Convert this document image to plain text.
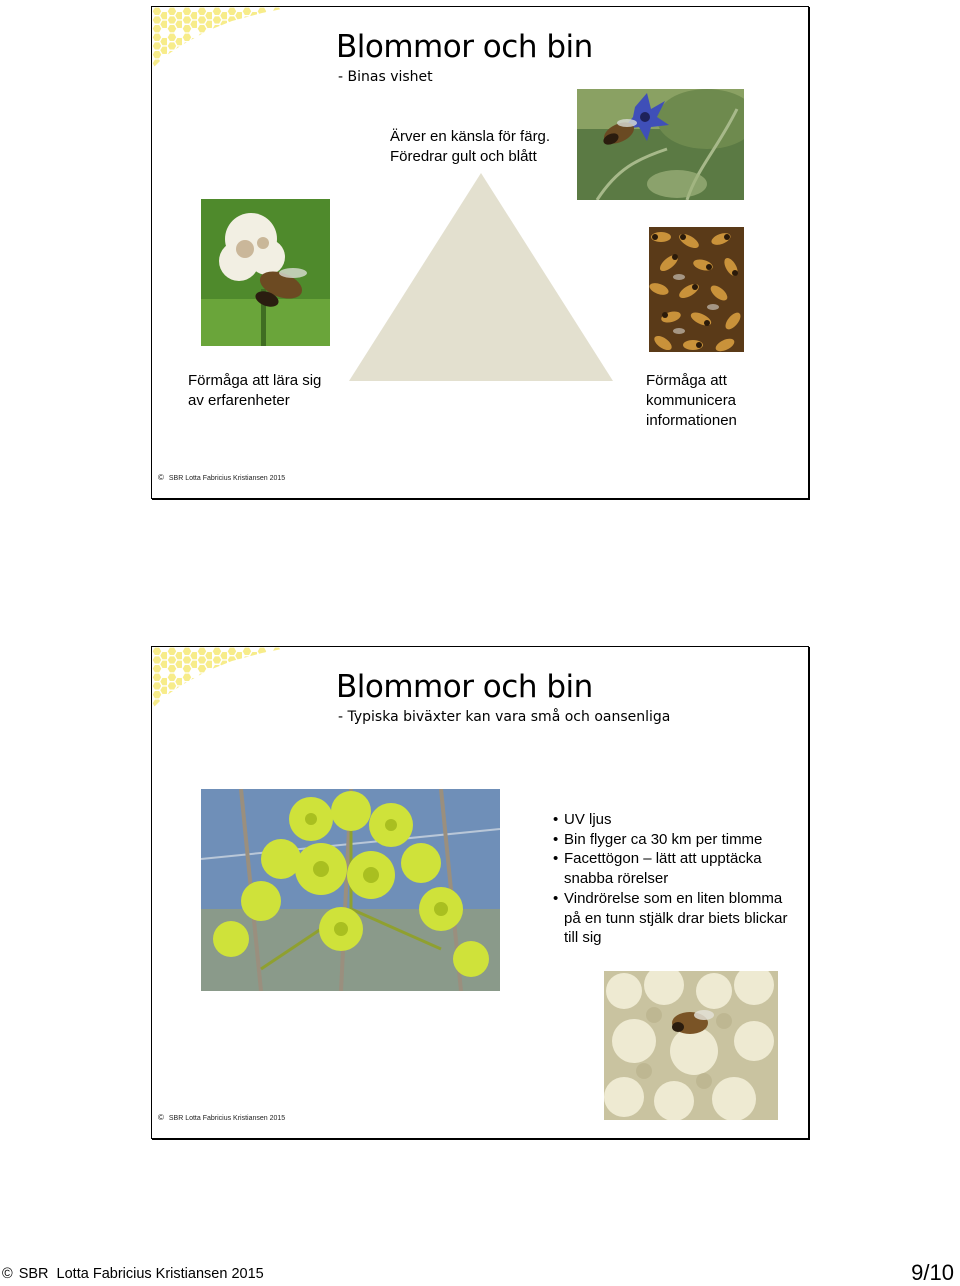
Blommor och bin
- Binas vishet
Ärver en känsla för färg.
Föredrar gult och blått
Förmåga att lära sig
av erfarenheter
Förmåga att
kommunicera
informationen
© SBR Lotta Fabricius Kristiansen 2015
Blommor och bin
- Typiska biväxter kan vara små och oansenliga
• UV ljus
• Bin flyger ca 30 km per timme
• Facettögon – lätt att upptäcka snabba rörelser
• Vindrörelse som en liten blomma på en tunn stjälk drar biets blickar till sig
© SBR Lotta Fabricius Kristiansen 2015
© SBR  Lotta Fabricius Kristiansen 2015	9/10
